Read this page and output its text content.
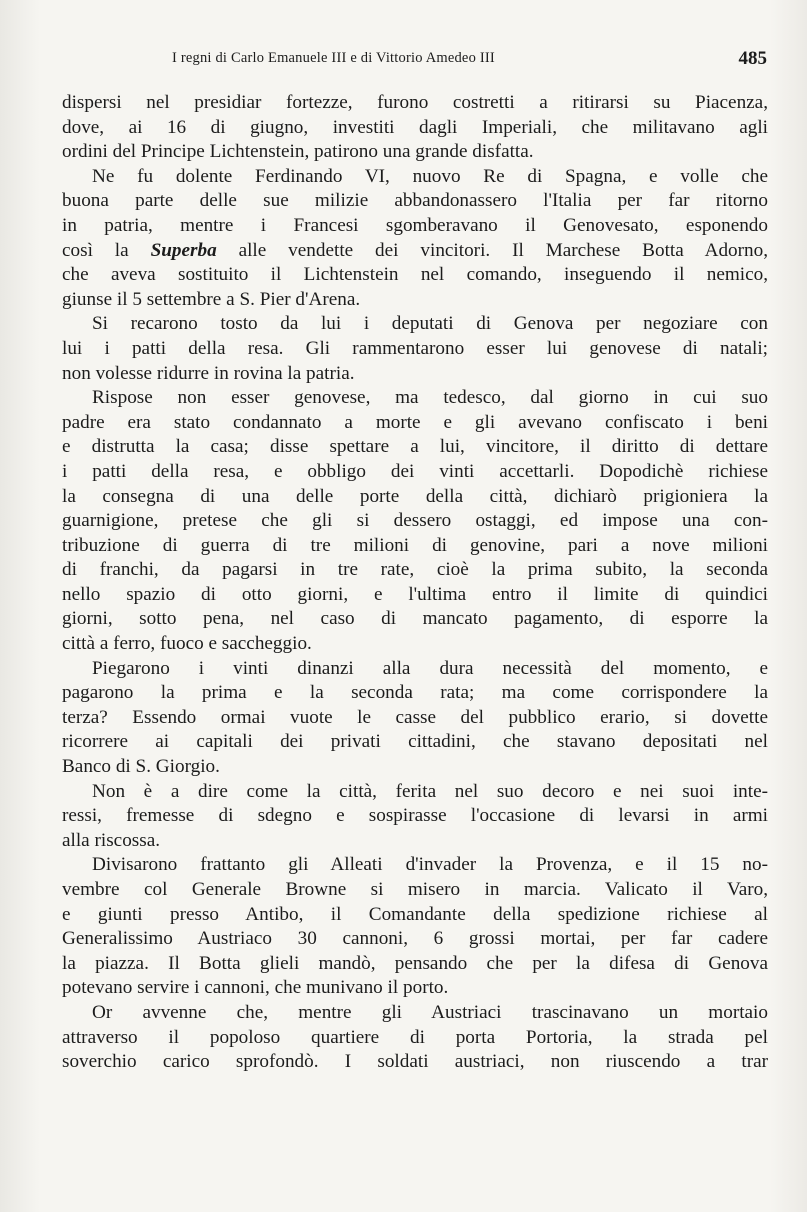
I regni di Carlo Emanuele III e di Vittorio Amedeo III	485
dispersi nel presidiar fortezze, furono costretti a ritirarsi su Piacenza,
dove, ai 16 di giugno, investiti dagli Imperiali, che militavano agli
ordini del Principe Lichtenstein, patirono una grande disfatta.
Ne fu dolente Ferdinando VI, nuovo Re di Spagna, e volle che
buona parte delle sue milizie abbandonassero l'Italia per far ritorno
in patria, mentre i Francesi sgomberavano il Genovesato, esponendo
così la Superba alle vendette dei vincitori. Il Marchese Botta Adorno,
che aveva sostituito il Lichtenstein nel comando, inseguendo il nemico,
giunse il 5 settembre a S. Pier d'Arena.
Si recarono tosto da lui i deputati di Genova per negoziare con
lui i patti della resa. Gli rammentarono esser lui genovese di natali;
non volesse ridurre in rovina la patria.
Rispose non esser genovese, ma tedesco, dal giorno in cui suo
padre era stato condannato a morte e gli avevano confiscato i beni
e distrutta la casa; disse spettare a lui, vincitore, il diritto di dettare
i patti della resa, e obbligo dei vinti accettarli. Dopodichè richiese
la consegna di una delle porte della città, dichiarò prigioniera la
guarnigione, pretese che gli si dessero ostaggi, ed impose una con-
tribuzione di guerra di tre milioni di genovine, pari a nove milioni
di franchi, da pagarsi in tre rate, cioè la prima subito, la seconda
nello spazio di otto giorni, e l'ultima entro il limite di quindici
giorni, sotto pena, nel caso di mancato pagamento, di esporre la
città a ferro, fuoco e saccheggio.
Piegarono i vinti dinanzi alla dura necessità del momento, e
pagarono la prima e la seconda rata; ma come corrispondere la
terza? Essendo ormai vuote le casse del pubblico erario, si dovette
ricorrere ai capitali dei privati cittadini, che stavano depositati nel
Banco di S. Giorgio.
Non è a dire come la città, ferita nel suo decoro e nei suoi inte-
ressi, fremesse di sdegno e sospirasse l'occasione di levarsi in armi
alla riscossa.
Divisarono frattanto gli Alleati d'invader la Provenza, e il 15 no-
vembre col Generale Browne si misero in marcia. Valicato il Varo,
e giunti presso Antibo, il Comandante della spedizione richiese al
Generalissimo Austriaco 30 cannoni, 6 grossi mortai, per far cadere
la piazza. Il Botta glieli mandò, pensando che per la difesa di Genova
potevano servire i cannoni, che munivano il porto.
Or avvenne che, mentre gli Austriaci trascinavano un mortaio
attraverso il popoloso quartiere di porta Portoria, la strada pel
soverchio carico sprofondò. I soldati austriaci, non riuscendo a trar
